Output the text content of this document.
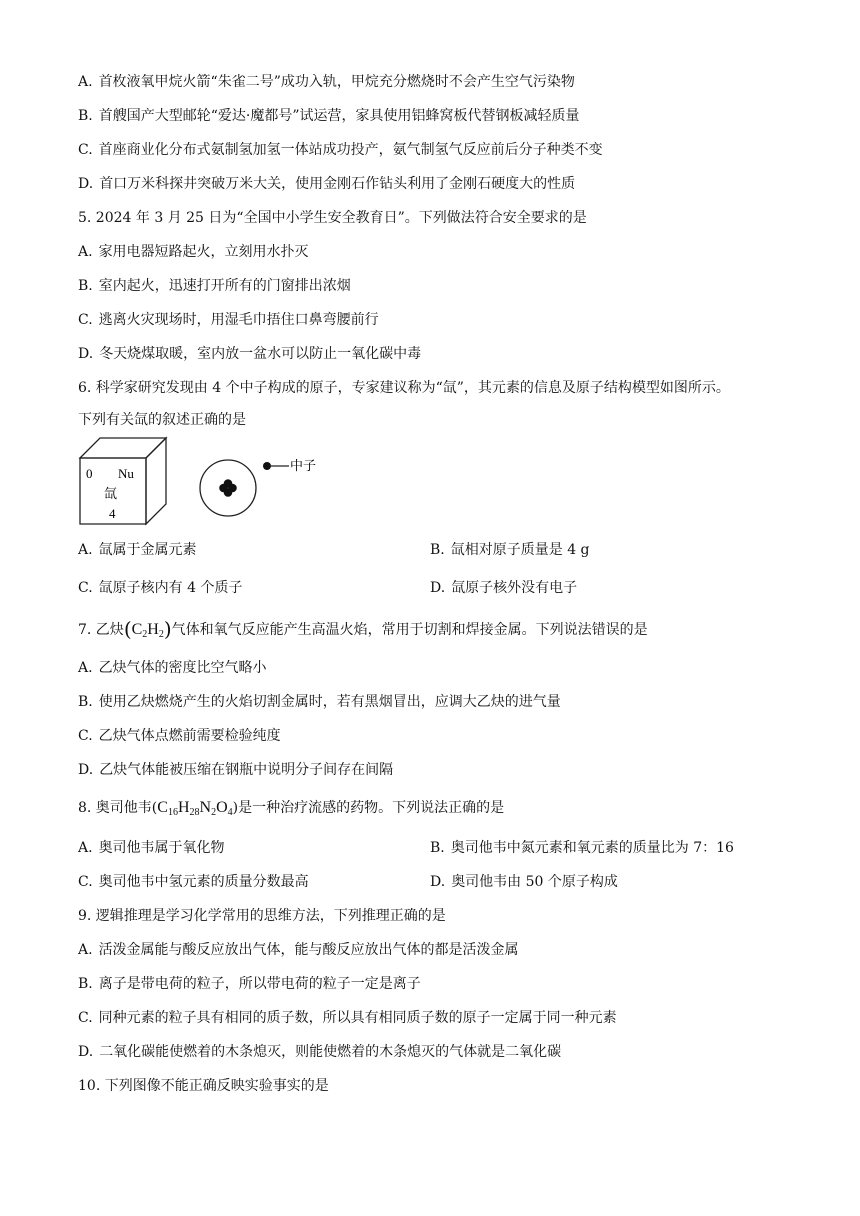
A. 首枚液氧甲烷火箭“朱雀二号”成功入轨，甲烷充分燃烧时不会产生空气污染物
B. 首艘国产大型邮轮“爱达·魔都号”试运营，家具使用铝蜂窝板代替钢板减轻质量
C. 首座商业化分布式氨制氢加氢一体站成功投产，氨气制氢气反应前后分子种类不变
D. 首口万米科探井突破万米大关，使用金刚石作钻头利用了金刚石硬度大的性质
5. 2024 年 3 月 25 日为“全国中小学生安全教育日”。下列做法符合安全要求的是
A. 家用电器短路起火，立刻用水扑灭
B. 室内起火，迅速打开所有的门窗排出浓烟
C. 逃离火灾现场时，用湿毛巾捂住口鼻弯腰前行
D. 冬天烧煤取暖，室内放一盆水可以防止一氧化碳中毒
6. 科学家研究发现由 4 个中子构成的原子，专家建议称为“氙”，其元素的信息及原子结构模型如图所示。
下列有关氙的叙述正确的是
0 Nu
氙
4
中子
A. 氙属于金属元素	B. 氙相对原子质量是 4 g
C. 氙原子核内有 4 个质子	D. 氙原子核外没有电子
7. 乙炔$(C_2H_2)$气体和氧气反应能产生高温火焰，常用于切割和焊接金属。下列说法错误的是
A. 乙炔气体的密度比空气略小
B. 使用乙炔燃烧产生的火焰切割金属时，若有黑烟冒出，应调大乙炔的进气量
C. 乙炔气体点燃前需要检验纯度
D. 乙炔气体能被压缩在钢瓶中说明分子间存在间隔
8. 奥司他韦$(C_{16}H_{28}N_2O_4)$是一种治疗流感的药物。下列说法正确的是
A. 奥司他韦属于氧化物	B. 奥司他韦中氮元素和氧元素的质量比为 7：16
C. 奥司他韦中氢元素的质量分数最高	D. 奥司他韦由 50 个原子构成
9. 逻辑推理是学习化学常用的思维方法，下列推理正确的是
A. 活泼金属能与酸反应放出气体，能与酸反应放出气体的都是活泼金属
B. 离子是带电荷的粒子，所以带电荷的粒子一定是离子
C. 同种元素的粒子具有相同的质子数，所以具有相同质子数的原子一定属于同一种元素
D. 二氧化碳能使燃着的木条熄灭，则能使燃着的木条熄灭的气体就是二氧化碳
10. 下列图像不能正确反映实验事实的是
